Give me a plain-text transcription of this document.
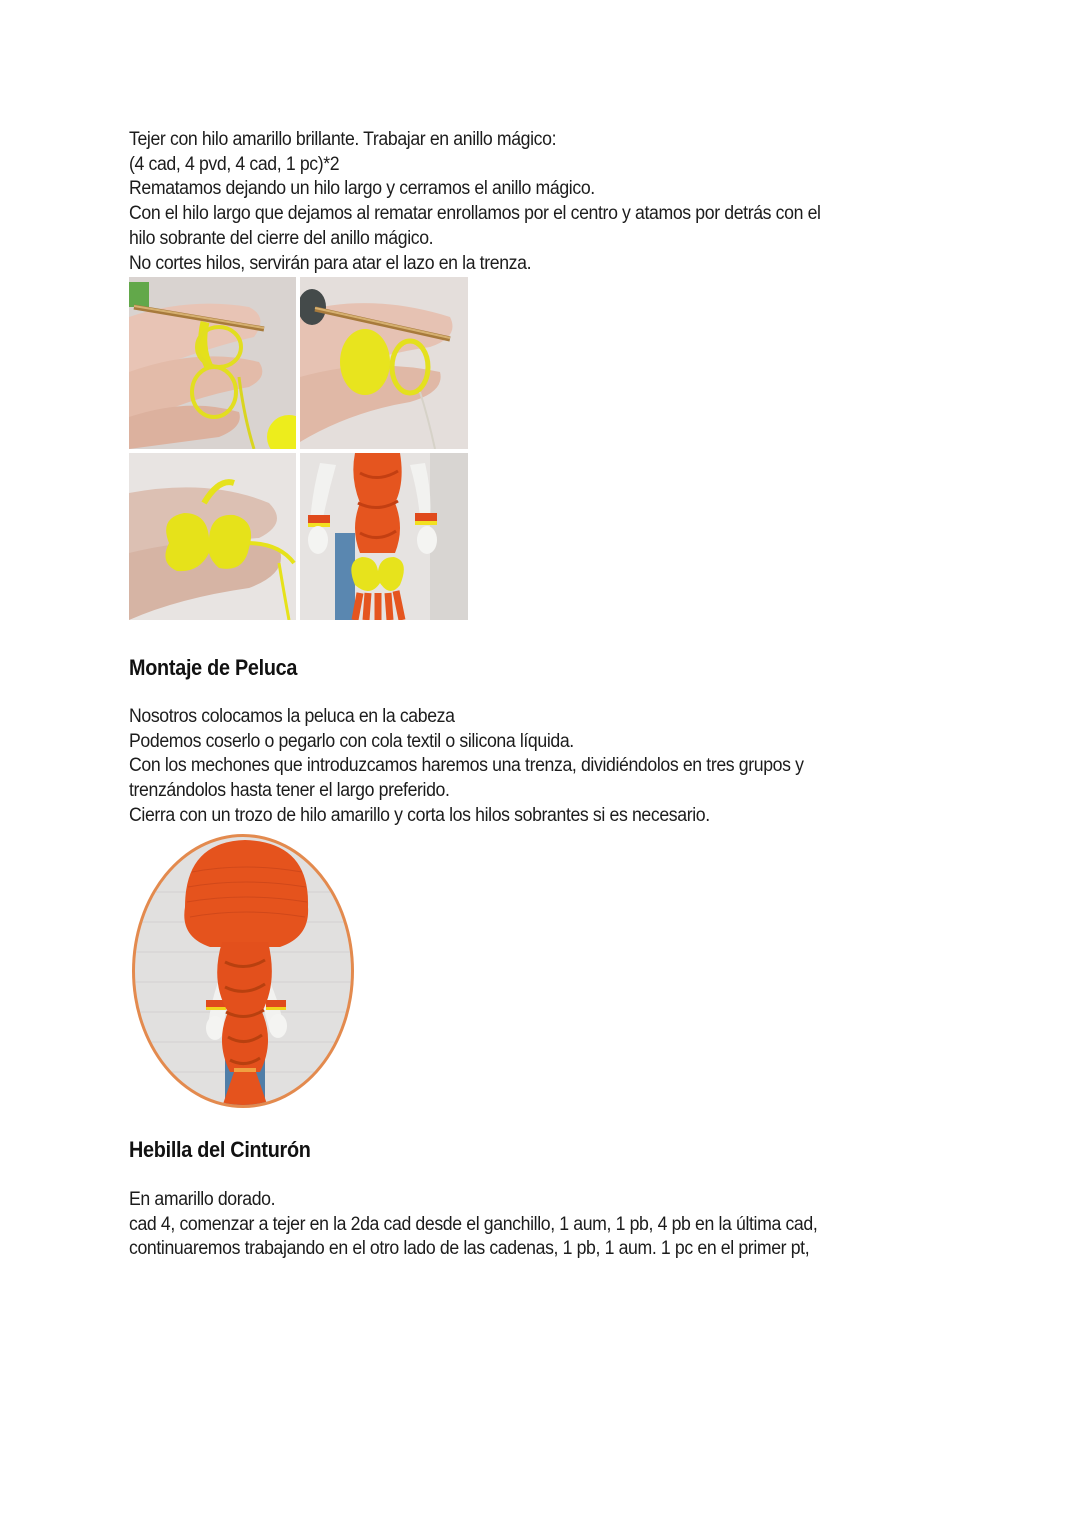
Tejer con hilo amarillo brillante. Trabajar en anillo mágico:
(4 cad, 4 pvd, 4 cad, 1 pc)*2
Rematamos dejando un hilo largo y cerramos el anillo mágico.
Con el hilo largo que dejamos al rematar enrollamos por el centro y atamos por detrás con el
hilo sobrante del cierre del anillo mágico.
No cortes hilos, servirán para atar el lazo en la trenza.
Montaje de Peluca
Nosotros colocamos la peluca en la cabeza
Podemos coserlo o pegarlo con cola textil o silicona líquida.
Con los mechones que introduzcamos haremos una trenza, dividiéndolos en tres grupos y
trenzándolos hasta tener el largo preferido.
Cierra con un trozo de hilo amarillo y corta los hilos sobrantes si es necesario.
Hebilla del Cinturón
En amarillo dorado.
cad 4, comenzar a tejer en la 2da cad desde el ganchillo, 1 aum, 1 pb, 4 pb en la última cad,
continuaremos trabajando en el otro lado de las cadenas, 1 pb, 1 aum. 1 pc en el primer pt,
